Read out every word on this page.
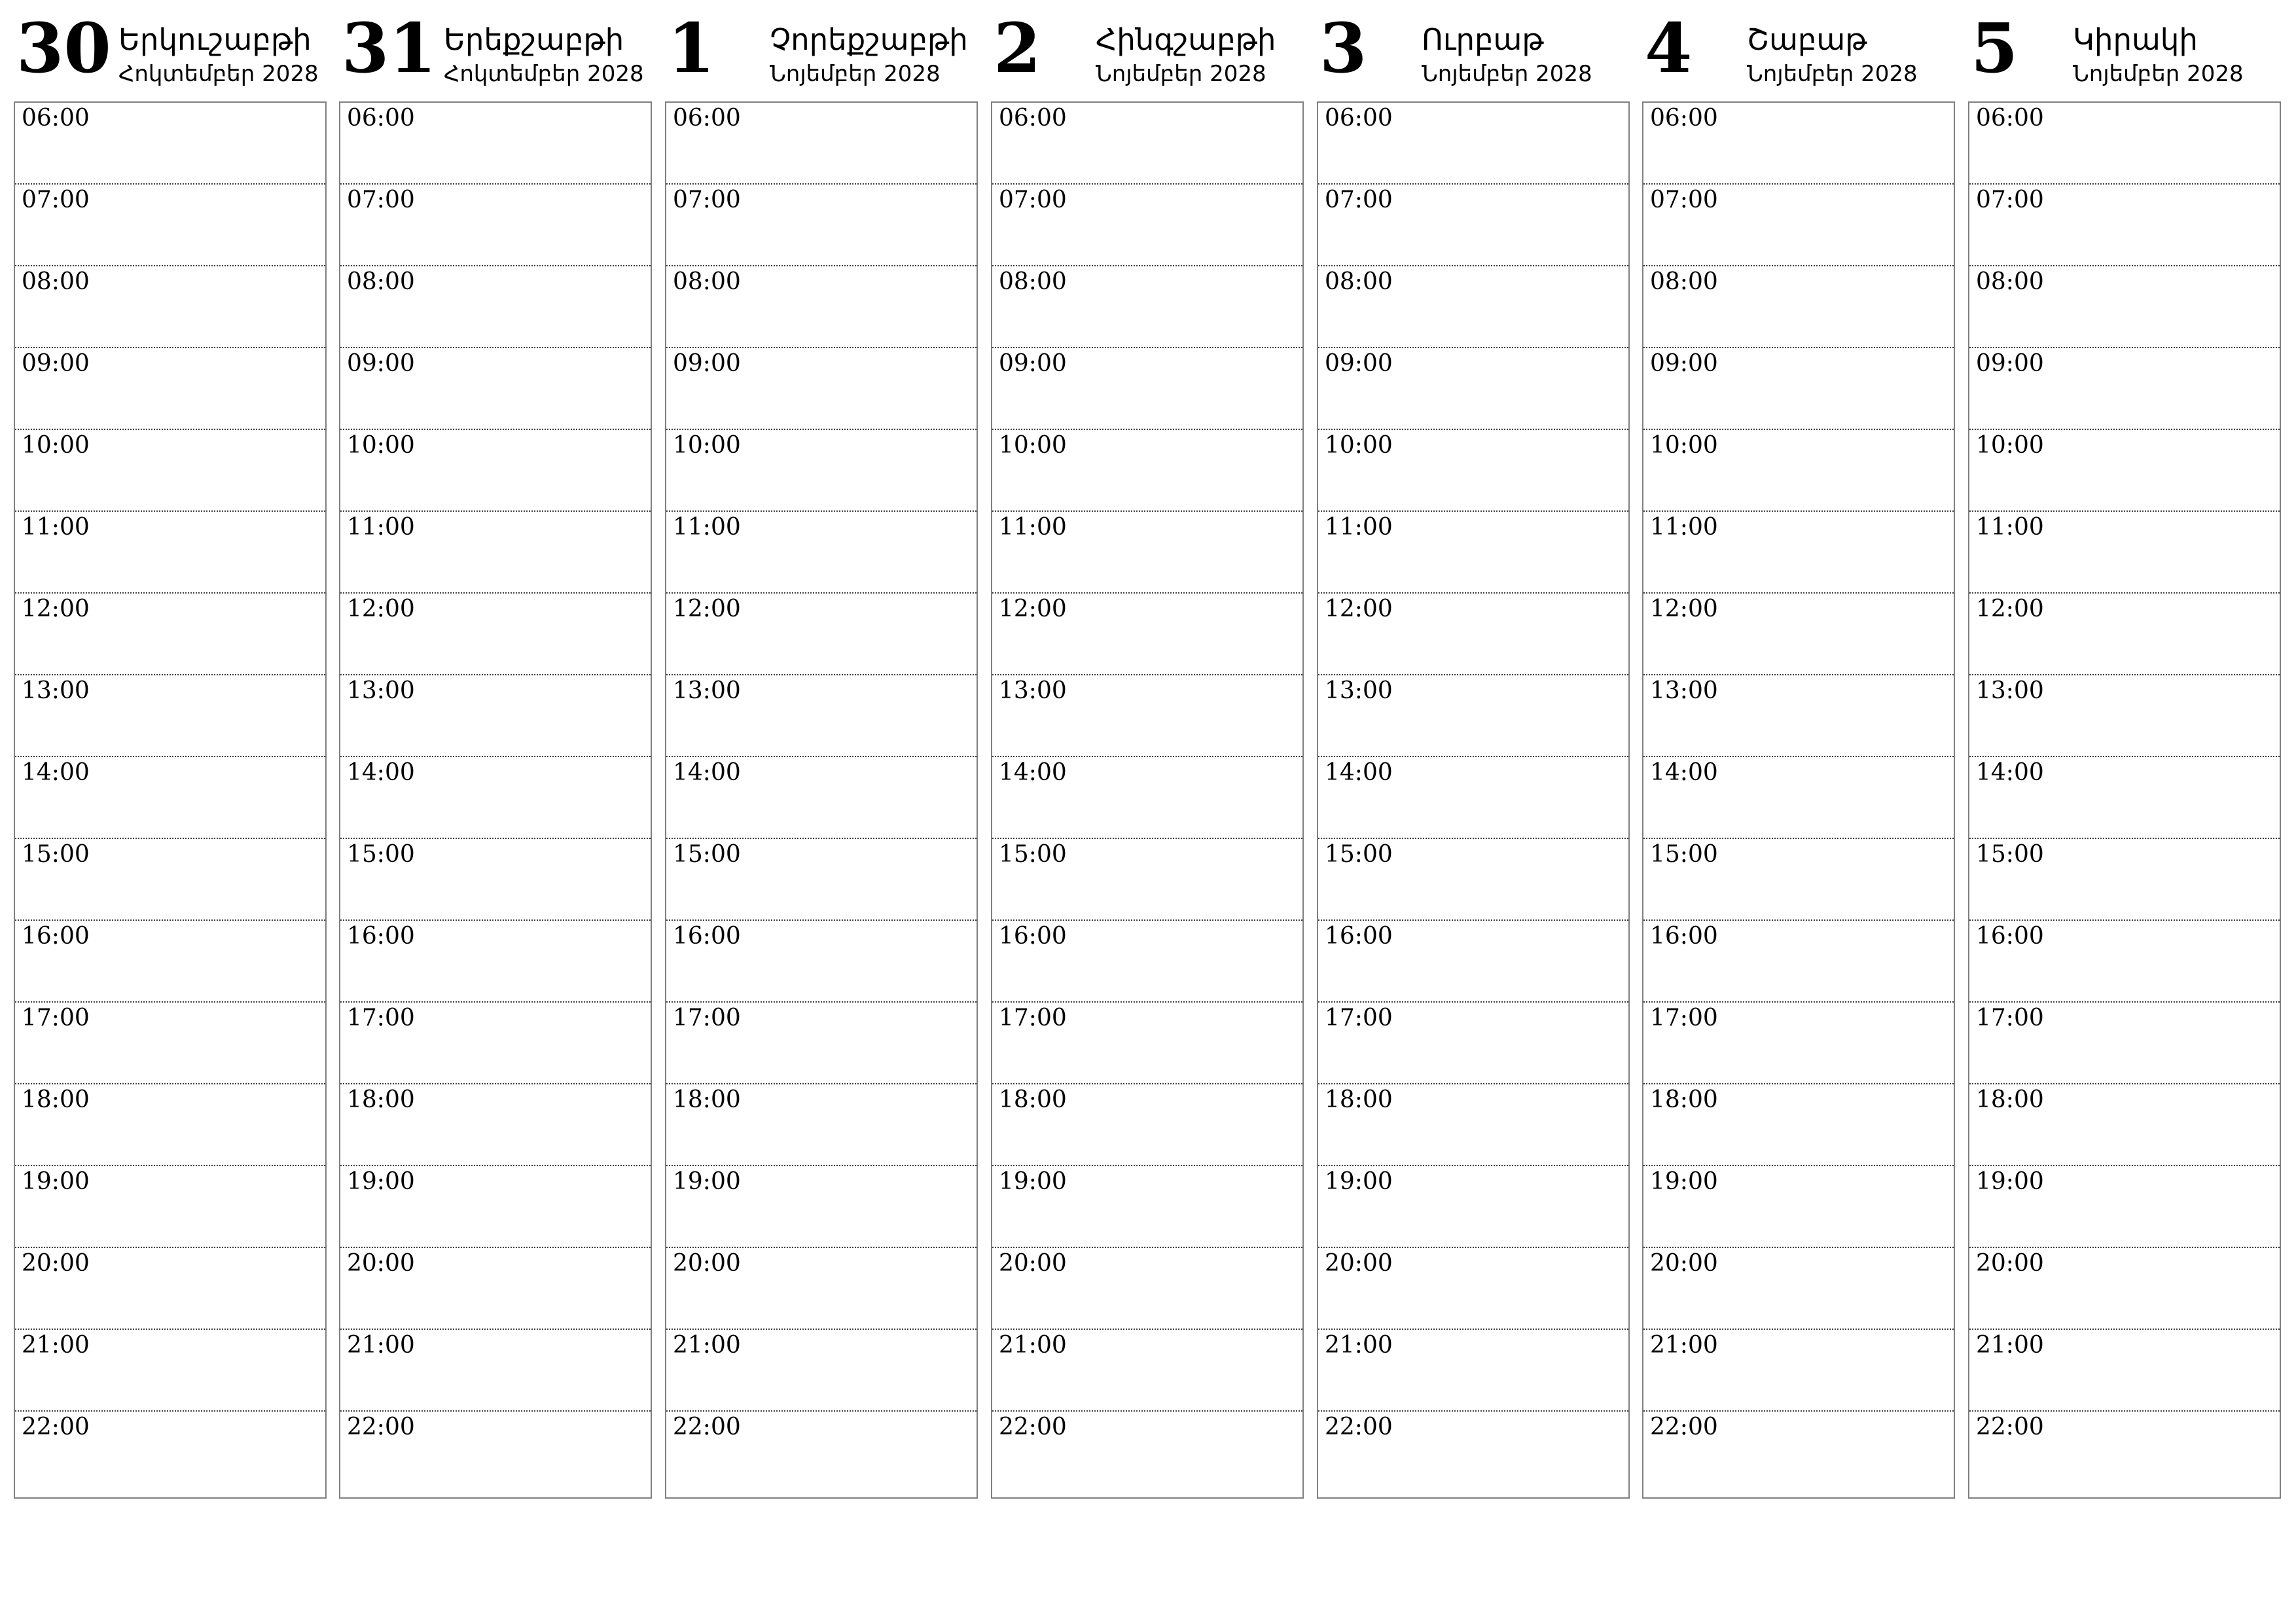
30 Երկուշաբթի
Հոկտեմբեր 2028
06:00
07:00
08:00
09:00
10:00
11:00
12:00
13:00
14:00
15:00
16:00
17:00
18:00
19:00
20:00
21:00
22:00
31 Երեքշաբթի
Հոկտեմբեր 2028
06:00
07:00
08:00
09:00
10:00
11:00
12:00
13:00
14:00
15:00
16:00
17:00
18:00
19:00
20:00
21:00
22:00
1 Չորեքշաբթի
Նոյեմբեր 2028
06:00
07:00
08:00
09:00
10:00
11:00
12:00
13:00
14:00
15:00
16:00
17:00
18:00
19:00
20:00
21:00
22:00
2 Հինգշաբթի
Նոյեմբեր 2028
06:00
07:00
08:00
09:00
10:00
11:00
12:00
13:00
14:00
15:00
16:00
17:00
18:00
19:00
20:00
21:00
22:00
3 Ուրբաթ
Նոյեմբեր 2028
06:00
07:00
08:00
09:00
10:00
11:00
12:00
13:00
14:00
15:00
16:00
17:00
18:00
19:00
20:00
21:00
22:00
4 Շաբաթ
Նոյեմբեր 2028
06:00
07:00
08:00
09:00
10:00
11:00
12:00
13:00
14:00
15:00
16:00
17:00
18:00
19:00
20:00
21:00
22:00
5 Կիրակի
Նոյեմբեր 2028
06:00
07:00
08:00
09:00
10:00
11:00
12:00
13:00
14:00
15:00
16:00
17:00
18:00
19:00
20:00
21:00
22:00
